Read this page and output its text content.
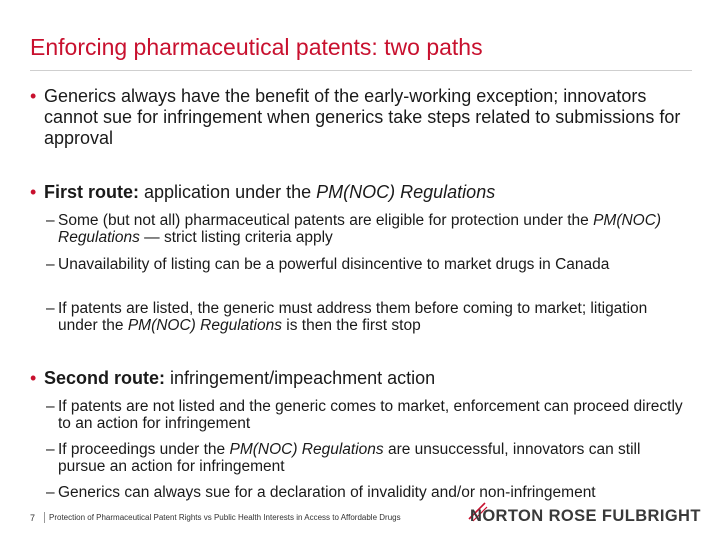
Enforcing pharmaceutical patents: two paths
• Generics always have the benefit of the early-working exception; innovators cannot sue for infringement when generics take steps related to submissions for approval
• First route: application under the PM(NOC) Regulations
– Some (but not all) pharmaceutical patents are eligible for protection under the PM(NOC) Regulations — strict listing criteria apply
– Unavailability of listing can be a powerful disincentive to market drugs in Canada
– If patents are listed, the generic must address them before coming to market; litigation under the PM(NOC) Regulations is then the first stop
• Second route: infringement/impeachment action
– If patents are not listed and the generic comes to market, enforcement can proceed directly to an action for infringement
– If proceedings under the PM(NOC) Regulations are unsuccessful, innovators can still pursue an action for infringement
– Generics can always sue for a declaration of invalidity and/or non-infringement
7 Protection of Pharmaceutical Patent Rights vs Public Health Interests in Access to Affordable Drugs	NORTON ROSE FULBRIGHT
